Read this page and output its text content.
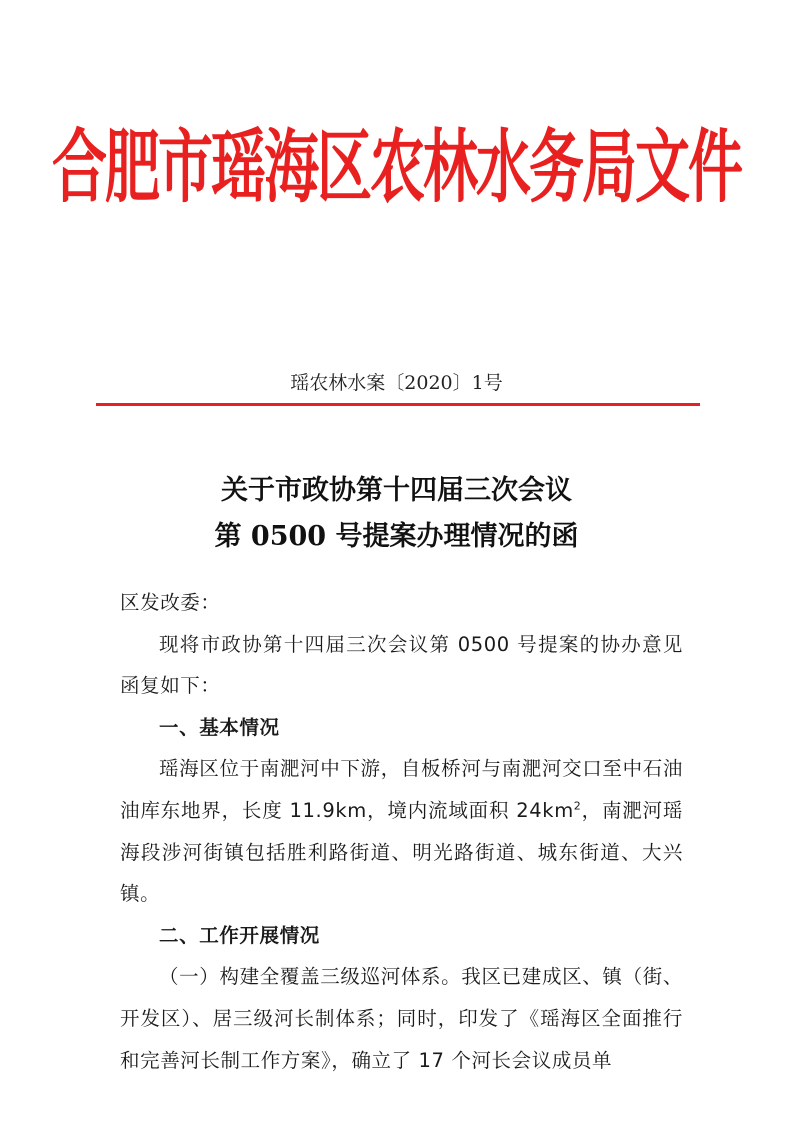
合肥市瑶海区农林水务局文件
瑶农林水案〔2020〕1号
关于市政协第十四届三次会议
第 0500 号提案办理情况的函

区发改委：

现将市政协第十四届三次会议第 0500 号提案的协办意见函复如下：

一、基本情况

瑶海区位于南淝河中下游，自板桥河与南淝河交口至中石油油库东地界，长度 11.9km，境内流域面积 $24km^2$，南淝河瑶海段涉河街镇包括胜利路街道、明光路街道、城东街道、大兴镇。

二、工作开展情况

（一）构建全覆盖三级巡河体系。我区已建成区、镇（街、开发区）、居三级河长制体系；同时，印发了《瑶海区全面推行和完善河长制工作方案》，确立了 17 个河长会议成员单
